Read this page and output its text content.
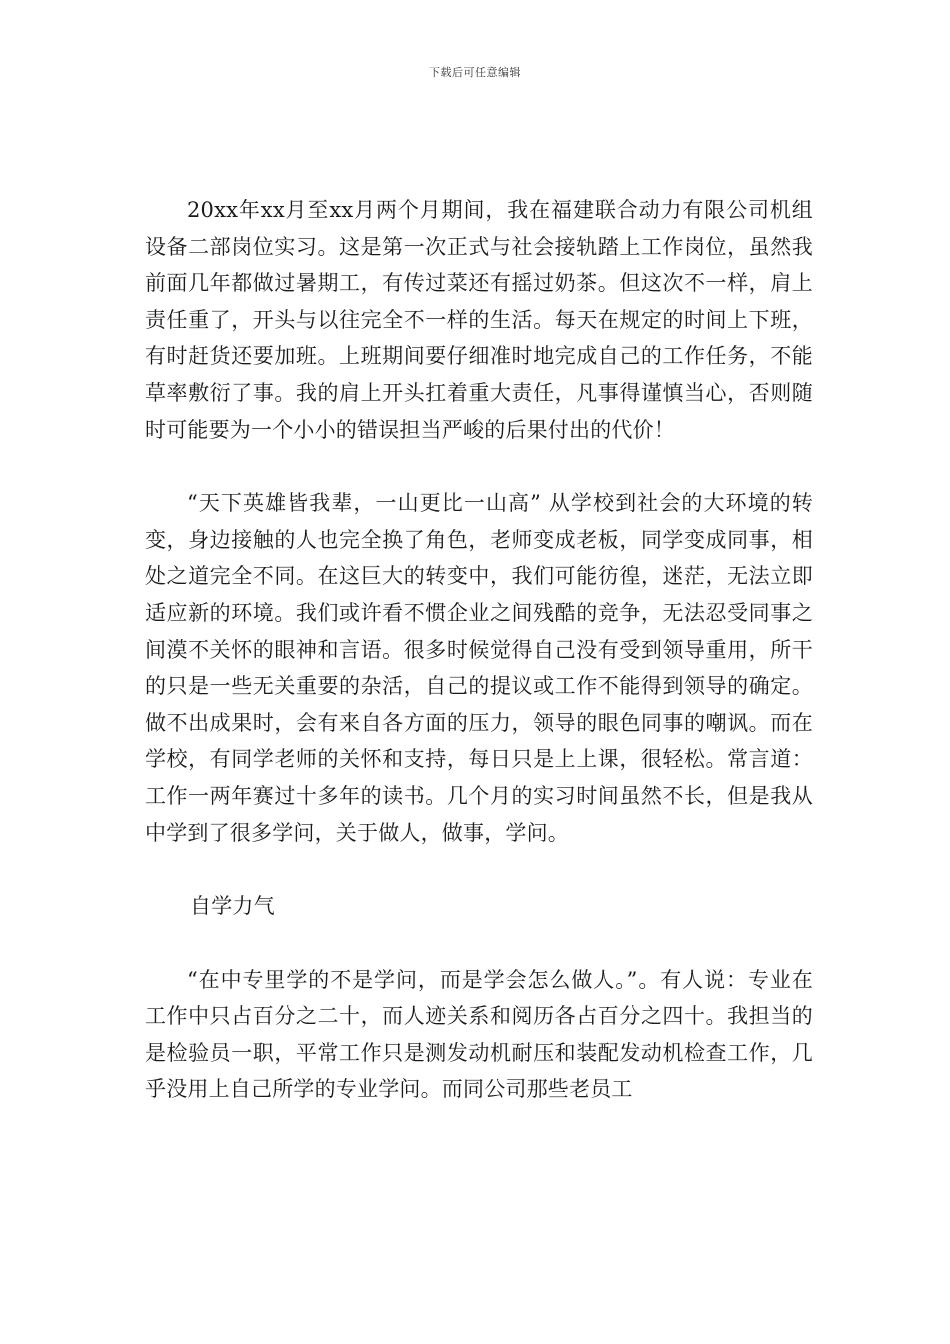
下载后可任意编辑

20xx年xx月至xx月两个月期间，我在福建联合动力有限公司机组设备二部岗位实习。这是第一次正式与社会接轨踏上工作岗位，虽然我前面几年都做过暑期工，有传过菜还有摇过奶茶。但这次不一样，肩上责任重了，开头与以往完全不一样的生活。每天在规定的时间上下班，有时赶货还要加班。上班期间要仔细准时地完成自己的工作任务，不能草率敷衍了事。我的肩上开头扛着重大责任，凡事得谨慎当心，否则随时可能要为一个小小的错误担当严峻的后果付出的代价！

“天下英雄皆我辈，一山更比一山高” 从学校到社会的大环境的转变，身边接触的人也完全换了角色，老师变成老板，同学变成同事，相处之道完全不同。在这巨大的转变中，我们可能彷徨，迷茫，无法立即适应新的环境。我们或许看不惯企业之间残酷的竞争，无法忍受同事之间漠不关怀的眼神和言语。很多时候觉得自己没有受到领导重用，所干的只是一些无关重要的杂活，自己的提议或工作不能得到领导的确定。做不出成果时，会有来自各方面的压力，领导的眼色同事的嘲讽。而在学校，有同学老师的关怀和支持，每日只是上上课，很轻松。常言道：工作一两年赛过十多年的读书。几个月的实习时间虽然不长，但是我从中学到了很多学问，关于做人，做事，学问。

自学力气

“在中专里学的不是学问，而是学会怎么做人。”。有人说：专业在工作中只占百分之二十，而人迹关系和阅历各占百分之四十。我担当的是检验员一职，平常工作只是测发动机耐压和装配发动机检查工作，几乎没用上自己所学的专业学问。而同公司那些老员工
